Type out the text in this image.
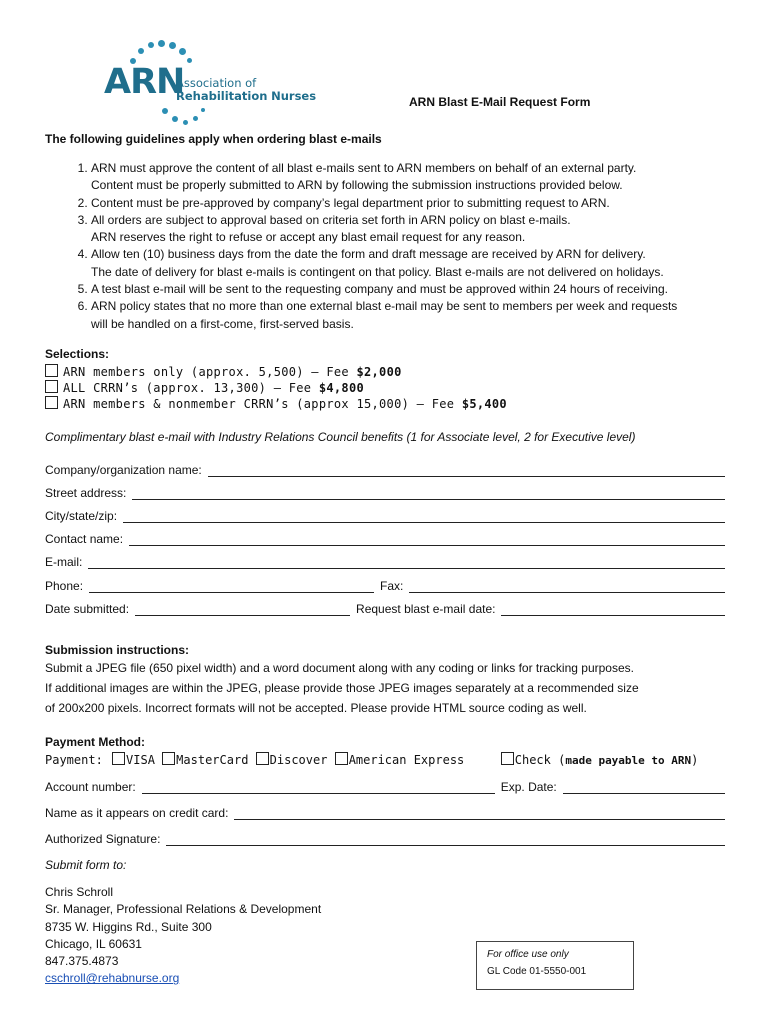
ARN
Association of
Rehabilitation Nurses	ARN Blast E-Mail Request Form
The following guidelines apply when ordering blast e-mails
1. ARN must approve the content of all blast e-mails sent to ARN members on behalf of an external party.
Content must be properly submitted to ARN by following the submission instructions provided below.
2. Content must be pre-approved by company’s legal department prior to submitting request to ARN.
3. All orders are subject to approval based on criteria set forth in ARN policy on blast e-mails.
ARN reserves the right to refuse or accept any blast email request for any reason.
4. Allow ten (10) business days from the date the form and draft message are received by ARN for delivery.
The date of delivery for blast e-mails is contingent on that policy. Blast e-mails are not delivered on holidays.
5. A test blast e-mail will be sent to the requesting company and must be approved within 24 hours of receiving.
6. ARN policy states that no more than one external blast e-mail may be sent to members per week and requests
will be handled on a first-come, first-served basis.
Selections:
ARN members only (approx. 5,500) – Fee $2,000
ALL CRRN’s (approx. 13,300) – Fee $4,800
ARN members & nonmember CRRN’s (approx 15,000) – Fee $5,400
Complimentary blast e-mail with Industry Relations Council benefits (1 for Associate level, 2 for Executive level)
Company/organization name:
Street address:
City/state/zip:
Contact name:
E-mail:
Phone:	Fax:
Date submitted:	Request blast e-mail date:
Submission instructions:
Submit a JPEG file (650 pixel width) and a word document along with any coding or links for tracking purposes.
If additional images are within the JPEG, please provide those JPEG images separately at a recommended size
of 200x200 pixels. Incorrect formats will not be accepted. Please provide HTML source coding as well.
Payment Method:
Payment: VISA MasterCard Discover American Express	Check (made payable to ARN)
Account number:	Exp. Date:
Name as it appears on credit card:
Authorized Signature:
Submit form to:
Chris Schroll
Sr. Manager, Professional Relations & Development
8735 W. Higgins Rd., Suite 300
Chicago, IL 60631
847.375.4873
cschroll@rehabnurse.org
For office use only
GL Code 01-5550-001
